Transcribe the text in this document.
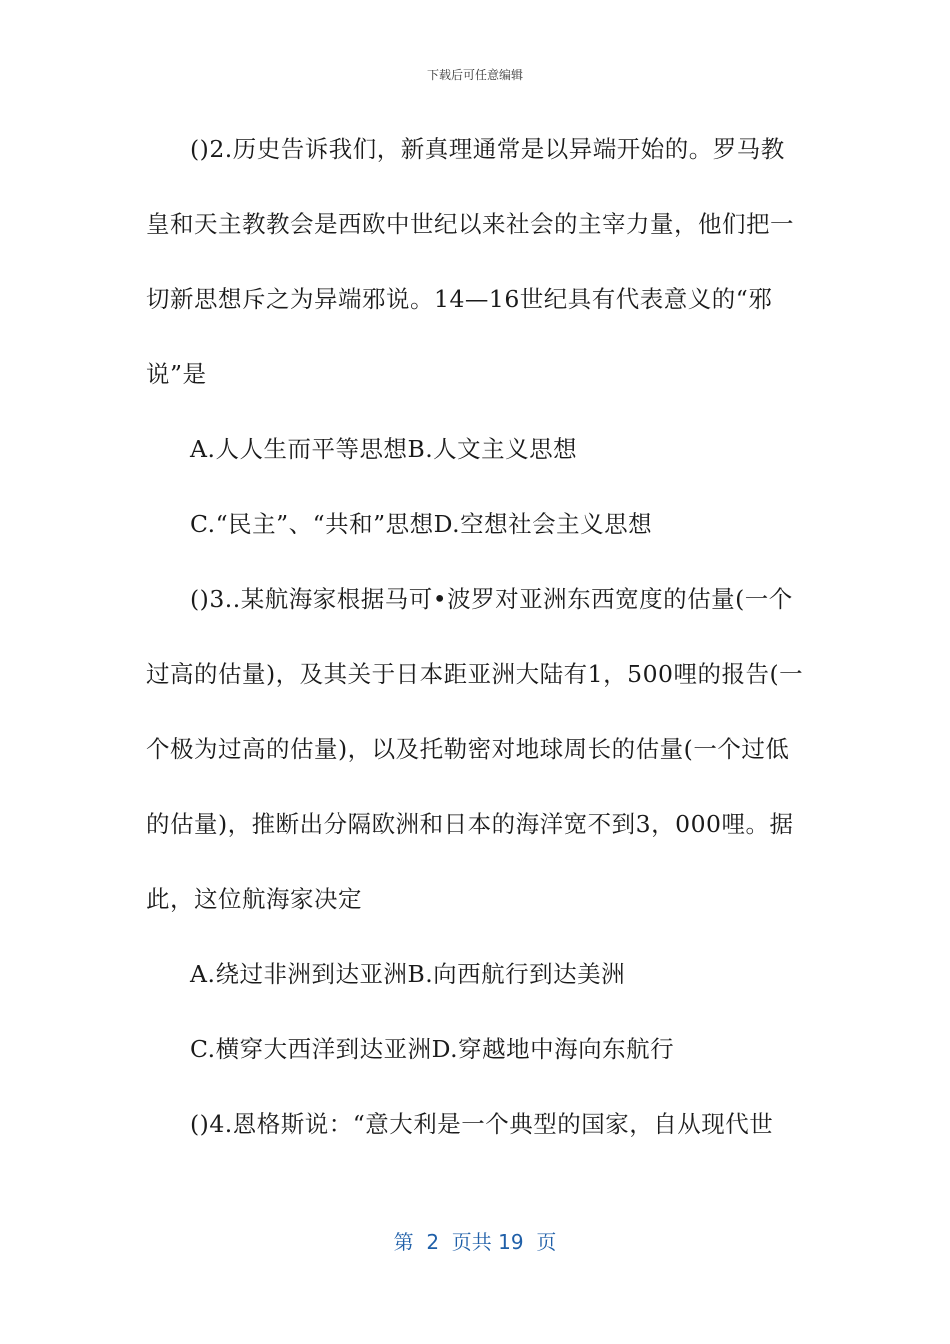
下载后可任意编辑
()2.历史告诉我们，新真理通常是以异端开始的。罗马教
皇和天主教教会是西欧中世纪以来社会的主宰力量，他们把一
切新思想斥之为异端邪说。14—16世纪具有代表意义的“邪
说”是
A.人人生而平等思想B.人文主义思想
C.“民主”、“共和”思想D.空想社会主义思想
()3..某航海家根据马可•波罗对亚洲东西宽度的估量(一个
过高的估量)，及其关于日本距亚洲大陆有1，500哩的报告(一
个极为过高的估量)，以及托勒密对地球周长的估量(一个过低
的估量)，推断出分隔欧洲和日本的海洋宽不到3，000哩。据
此，这位航海家决定
A.绕过非洲到达亚洲B.向西航行到达美洲
C.横穿大西洋到达亚洲D.穿越地中海向东航行
()4.恩格斯说：“意大利是一个典型的国家，自从现代世
第  2  页共 19  页
